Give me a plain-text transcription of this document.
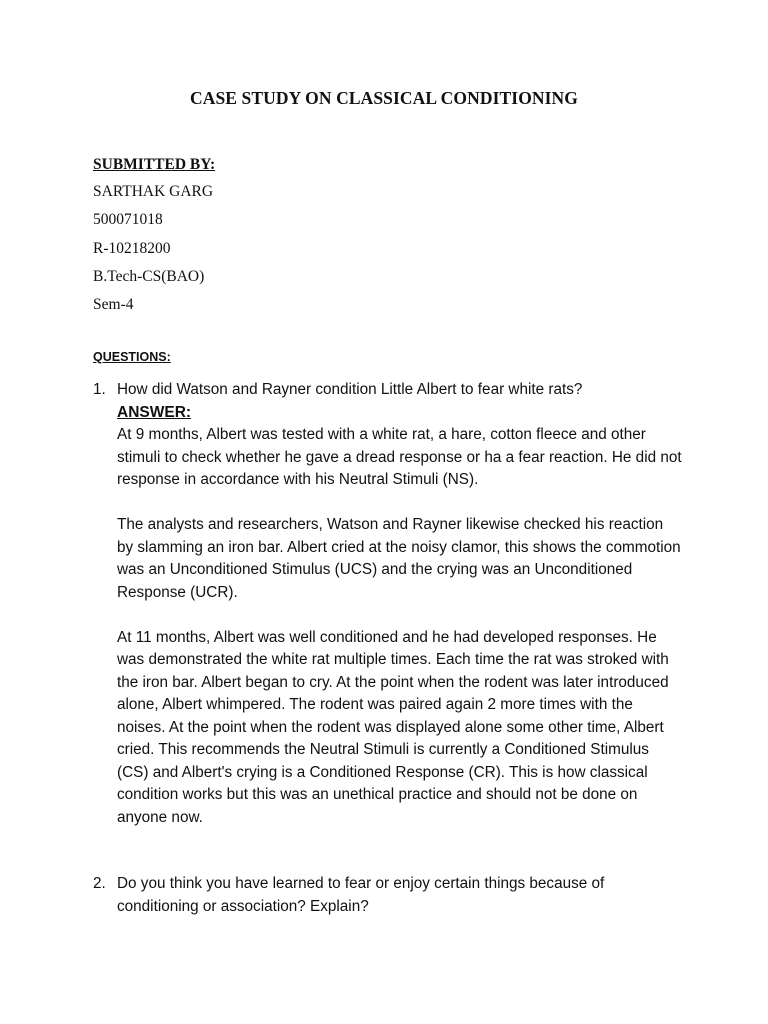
CASE STUDY ON CLASSICAL CONDITIONING
SUBMITTED BY:
SARTHAK GARG
500071018
R-10218200
B.Tech-CS(BAO)
Sem-4
QUESTIONS:
1. How did Watson and Rayner condition Little Albert to fear white rats?
ANSWER:

At 9 months, Albert was tested with a white rat, a hare, cotton fleece and other stimuli to check whether he gave a dread response or ha a fear reaction. He did not response in accordance with his Neutral Stimuli (NS).

The analysts and researchers, Watson and Rayner likewise checked his reaction by slamming an iron bar. Albert cried at the noisy clamor, this shows the commotion was an Unconditioned Stimulus (UCS) and the crying was an Unconditioned Response (UCR).

At 11 months, Albert was well conditioned and he had developed responses. He was demonstrated the white rat multiple times. Each time the rat was stroked with the iron bar. Albert began to cry. At the point when the rodent was later introduced alone, Albert whimpered. The rodent was paired again 2 more times with the noises. At the point when the rodent was displayed alone some other time, Albert cried. This recommends the Neutral Stimuli is currently a Conditioned Stimulus (CS) and Albert's crying is a Conditioned Response (CR). This is how classical condition works but this was an unethical practice and should not be done on anyone now.

2. Do you think you have learned to fear or enjoy certain things because of conditioning or association? Explain?
